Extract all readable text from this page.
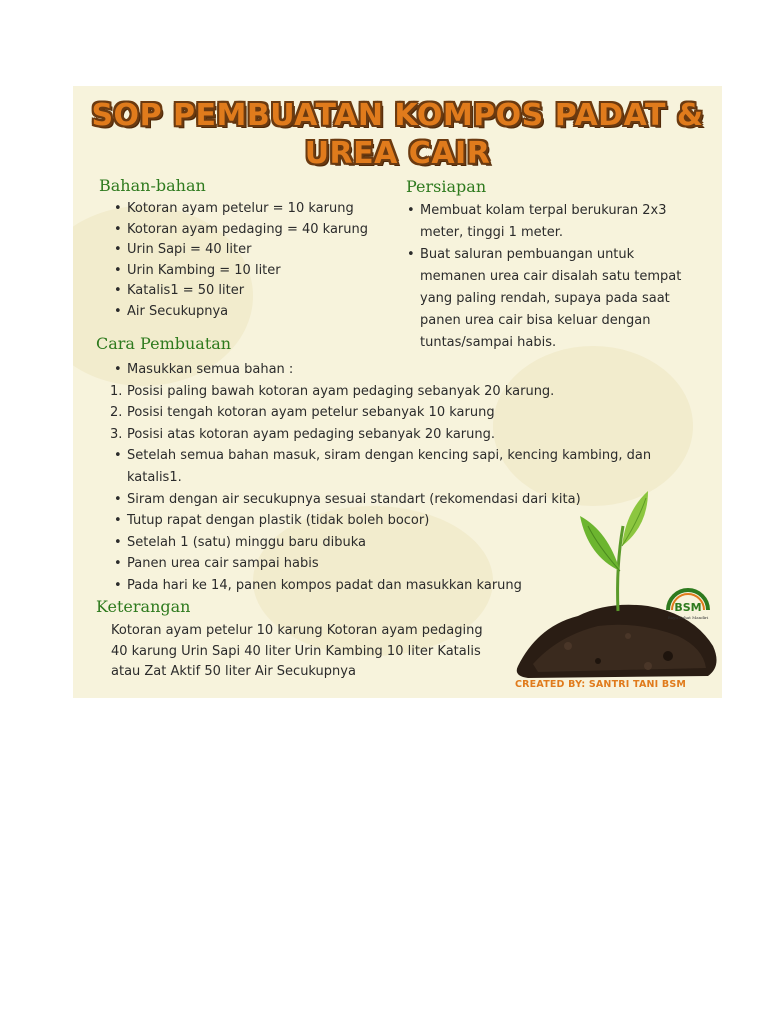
SOP PEMBUATAN KOMPOS PADAT &
UREA CAIR
Bahan-bahan
• Kotoran ayam petelur = 10 karung
• Kotoran ayam pedaging = 40 karung
• Urin Sapi = 40 liter
• Urin Kambing = 10 liter
• Katalis1 = 50 liter
• Air Secukupnya
Persiapan
• Membuat kolam terpal berukuran 2x3
meter, tinggi 1 meter.
• Buat saluran pembuangan untuk
memanen urea cair disalah satu tempat
yang paling rendah, supaya pada saat
panen urea cair bisa keluar dengan
tuntas/sampai habis.
Cara Pembuatan
• Masukkan semua bahan :
1. Posisi paling bawah kotoran ayam pedaging sebanyak 20 karung.
2. Posisi tengah kotoran ayam petelur sebanyak 10 karung
3. Posisi atas kotoran ayam pedaging sebanyak 20 karung.
• Setelah semua bahan masuk, siram dengan kencing sapi, kencing kambing, dan
katalis1.
• Siram dengan air secukupnya sesuai standart (rekomendasi dari kita)
• Tutup rapat dengan plastik (tidak boleh bocor)
• Setelah 1 (satu) minggu baru dibuka
• Panen urea cair sampai habis
• Pada hari ke 14, panen kompos padat dan masukkan karung
Keterangan
Kotoran ayam petelur 10 karung Kotoran ayam pedaging
40 karung Urin Sapi 40 liter Urin Kambing 10 liter Katalis
atau Zat Aktif 50 liter Air Secukupnya
BSM
Bayu Sehat Mandiri
CREATED BY: SANTRI TANI BSM
